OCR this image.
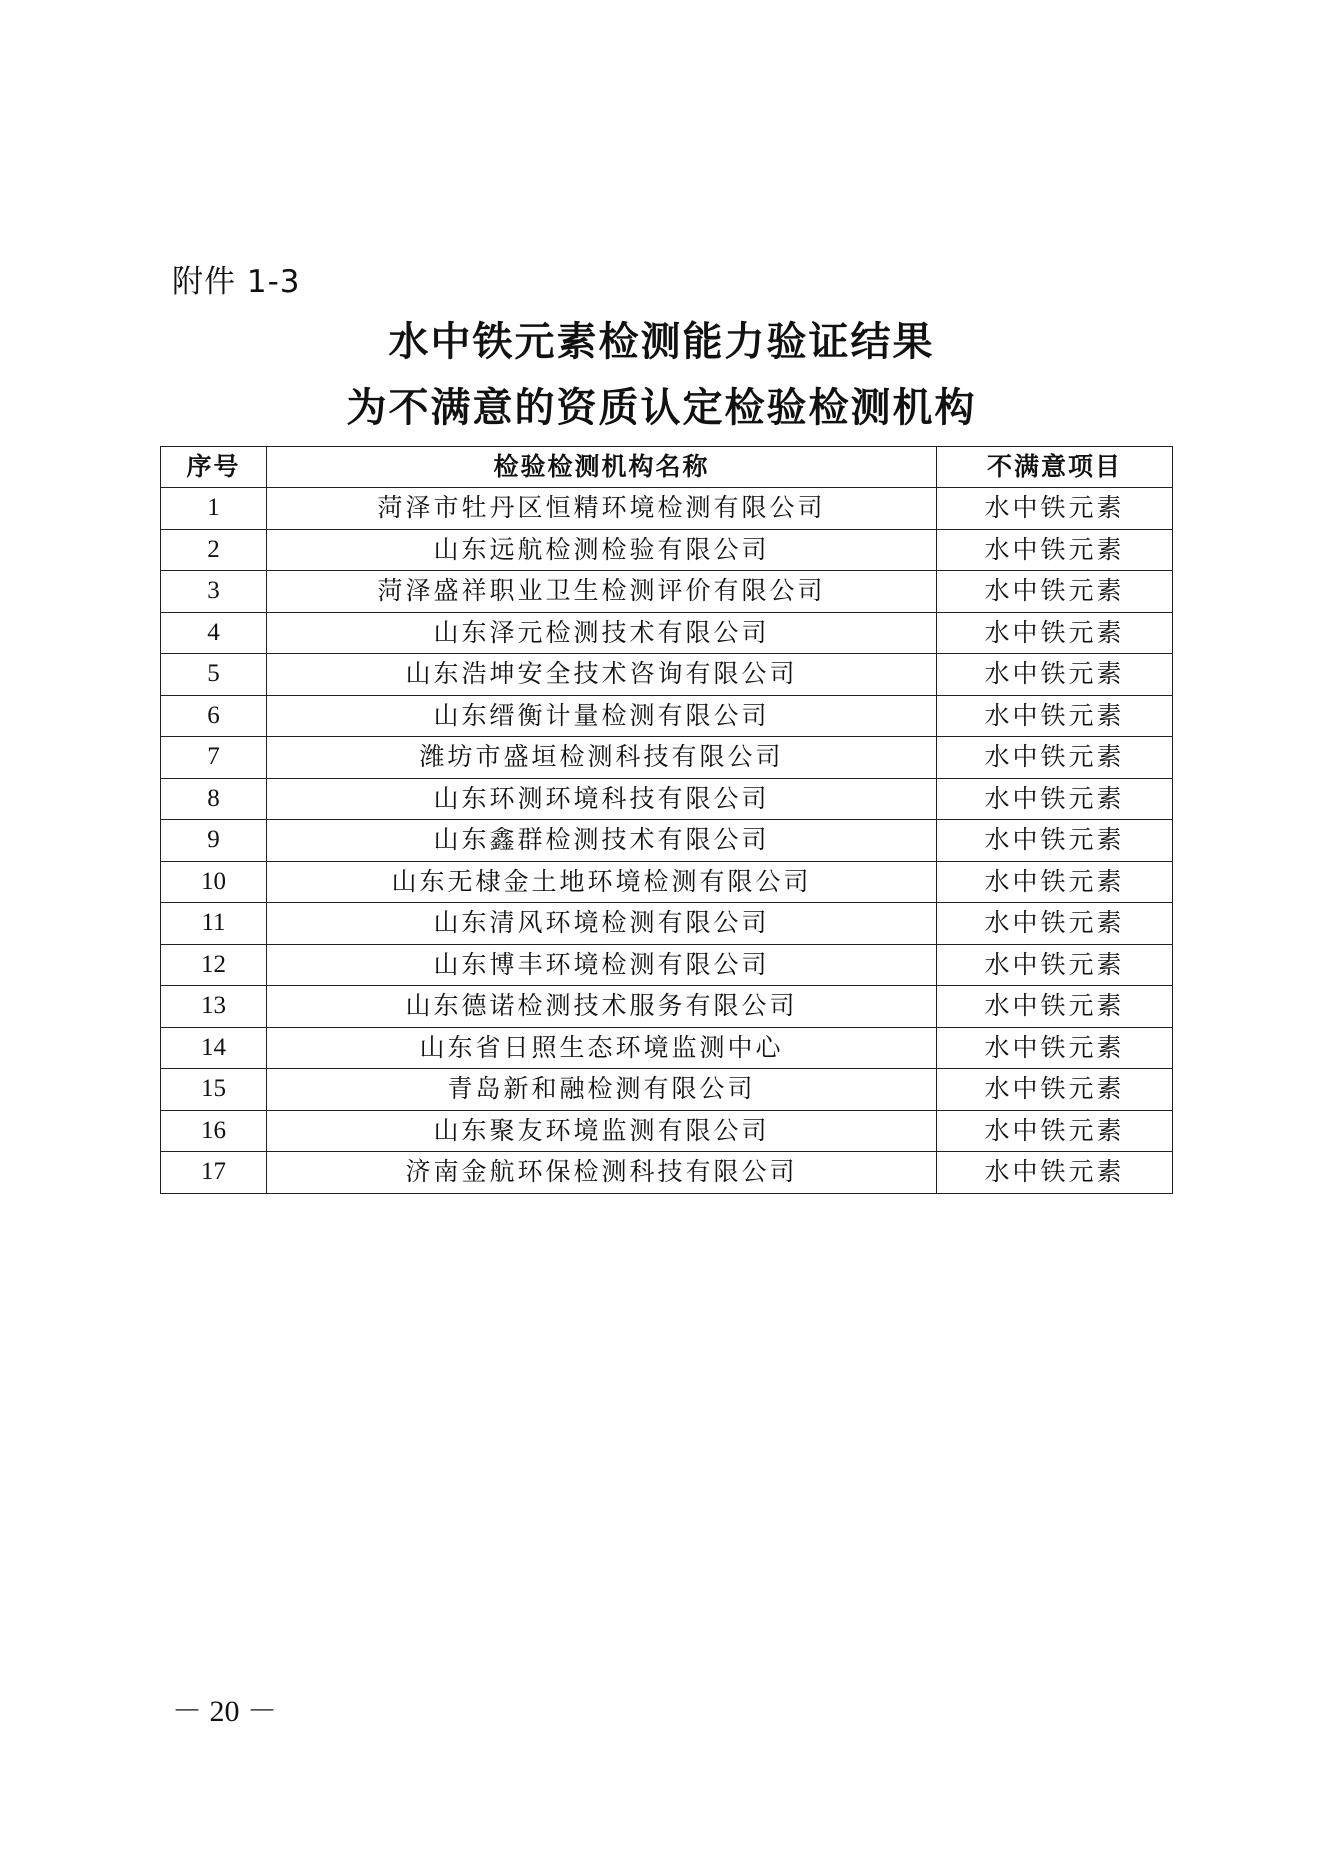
附件 1-3
水中铁元素检测能力验证结果
为不满意的资质认定检验检测机构
序号	检验检测机构名称	不满意项目
1	菏泽市牡丹区恒精环境检测有限公司	水中铁元素
2	山东远航检测检验有限公司	水中铁元素
3	菏泽盛祥职业卫生检测评价有限公司	水中铁元素
4	山东泽元检测技术有限公司	水中铁元素
5	山东浩坤安全技术咨询有限公司	水中铁元素
6	山东缙衡计量检测有限公司	水中铁元素
7	潍坊市盛垣检测科技有限公司	水中铁元素
8	山东环测环境科技有限公司	水中铁元素
9	山东鑫群检测技术有限公司	水中铁元素
10	山东无棣金土地环境检测有限公司	水中铁元素
11	山东清风环境检测有限公司	水中铁元素
12	山东博丰环境检测有限公司	水中铁元素
13	山东德诺检测技术服务有限公司	水中铁元素
14	山东省日照生态环境监测中心	水中铁元素
15	青岛新和融检测有限公司	水中铁元素
16	山东聚友环境监测有限公司	水中铁元素
17	济南金航环保检测科技有限公司	水中铁元素
－ 20 －
